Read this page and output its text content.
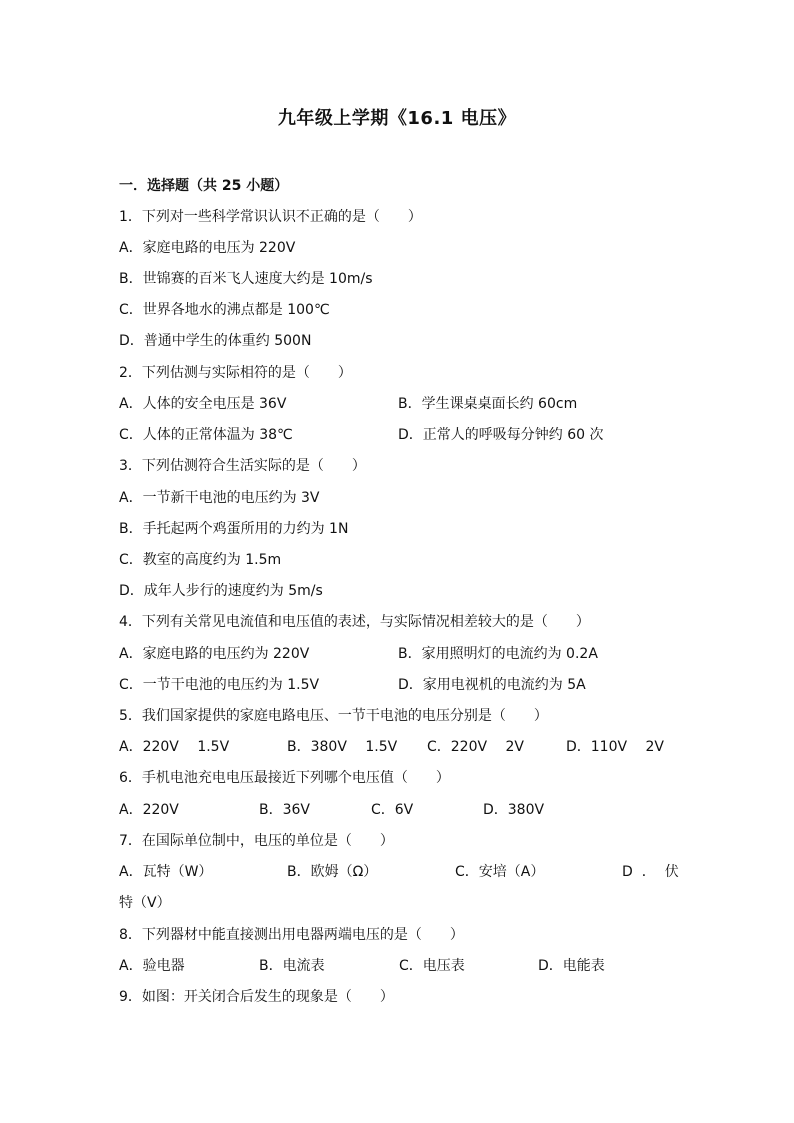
九年级上学期《16.1 电压》
一．选择题（共 25 小题）
1．下列对一些科学常识认识不正确的是（　　）
A．家庭电路的电压为 220V
B．世锦赛的百米飞人速度大约是 10m/s
C．世界各地水的沸点都是 100℃
D．普通中学生的体重约 500N
2．下列估测与实际相符的是（　　）
A．人体的安全电压是 36V	B．学生课桌桌面长约 60cm
C．人体的正常体温为 38℃	D．正常人的呼吸每分钟约 60 次
3．下列估测符合生活实际的是（　　）
A．一节新干电池的电压约为 3V
B．手托起两个鸡蛋所用的力约为 1N
C．教室的高度约为 1.5m
D．成年人步行的速度约为 5m/s
4．下列有关常见电流值和电压值的表述，与实际情况相差较大的是（　　）
A．家庭电路的电压约为 220V	B．家用照明灯的电流约为 0.2A
C．一节干电池的电压约为 1.5V	D．家用电视机的电流约为 5A
5．我们国家提供的家庭电路电压、一节干电池的电压分别是（　　）
A．220V　 1.5V	B．380V　 1.5V C．220V　 2V	D．110V　 2V
6．手机电池充电电压最接近下列哪个电压值（　　）
A．220V	B．36V	C．6V	D．380V
7．在国际单位制中，电压的单位是（　　）
A．瓦特（W）	B．欧姆（Ω）	C．安培（A）	D．伏
特（V）
8．下列器材中能直接测出用电器两端电压的是（　　）
A．验电器	B．电流表	C．电压表	D．电能表
9．如图：开关闭合后发生的现象是（　　）
